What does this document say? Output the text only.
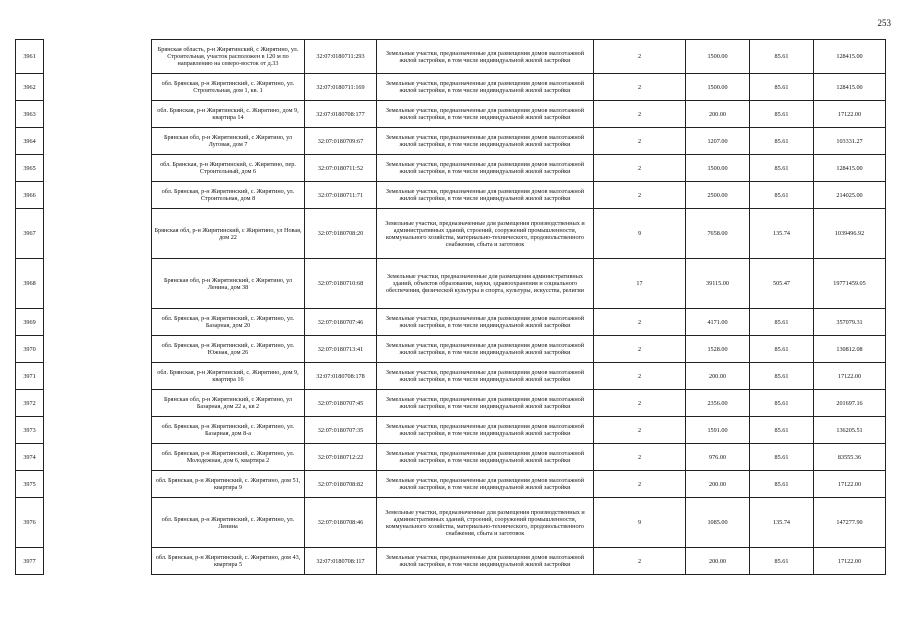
253
3961		Брянская область, р-н Жирятинский, с Жирятино, ул. Строительная, участок расположен в 120 м по направлению на северо-восток от д.33	32:07:0180711:293	Земельные участки, предназначенные для размещения домов малоэтажной жилой застройки, в том числе индивидуальной жилой застройки	2	1500.00	85.61	128415.00
3962		обл. Брянская, р-н Жирятинский, с. Жирятино, ул. Строительная, дом 1, кв. 1	32:07:0180711:169	Земельные участки, предназначенные для размещения домов малоэтажной жилой застройки, в том числе индивидуальной жилой застройки	2	1500.00	85.61	128415.00
3963		обл. Брянская, р-н Жирятинский, с. Жирятино, дом 9, квартира 14	32:07:0180708:177	Земельные участки, предназначенные для размещения домов малоэтажной жилой застройки, в том числе индивидуальной жилой застройки	2	200.00	85.61	17122.00
3964		Брянская обл, р-н Жирятинский, с Жирятино, ул Луговая, дом 7	32:07:0180709:67	Земельные участки, предназначенные для размещения домов малоэтажной жилой застройки, в том числе индивидуальной жилой застройки	2	1207.00	85.61	103331.27
3965		обл. Брянская, р-н Жирятинский, с. Жирятино, пер. Строительный, дом 6	32:07:0180711:52	Земельные участки, предназначенные для размещения домов малоэтажной жилой застройки, в том числе индивидуальной жилой застройки	2	1500.00	85.61	128415.00
3966		обл. Брянская, р-н Жирятинский, с. Жирятино, ул. Строительная, дом 8	32:07:0180711:71	Земельные участки, предназначенные для размещения домов малоэтажной жилой застройки, в том числе индивидуальной жилой застройки	2	2500.00	85.61	214025.00
3967		Брянская обл, р-н Жирятинский, с Жирятино, ул Новая, дом 22	32:07:0180708:20	Земельные участки, предназначенные для размещения производственных и административных зданий, строений, сооружений промышленности, коммунального хозяйства, материально-технического, продовольственного снабжения, сбыта и заготовок	9	7658.00	135.74	1039496.92
3968		Брянская обл, р-н Жирятинский, с Жирятино, ул Ленина, дом 38	32:07:0180710:68	Земельные участки, предназначенные для размещения административных зданий, объектов образования, науки, здравоохранения и социального обеспечения, физической культуры и спорта, культуры, искусства, религии	17	39115.00	505.47	19771459.05
3969		обл. Брянская, р-н Жирятинский, с. Жирятино, ул. Базарная, дом 20	32:07:0180707:46	Земельные участки, предназначенные для размещения домов малоэтажной жилой застройки, в том числе индивидуальной жилой застройки	2	4171.00	85.61	357079.31
3970		обл. Брянская, р-н Жирятинский, с. Жирятино, ул. Южная, дом 26	32:07:0180713:41	Земельные участки, предназначенные для размещения домов малоэтажной жилой застройки, в том числе индивидуальной жилой застройки	2	1528.00	85.61	130812.08
3971		обл. Брянская, р-н Жирятинский, с. Жирятино, дом 9, квартира 16	32:07:0180708:178	Земельные участки, предназначенные для размещения домов малоэтажной жилой застройки, в том числе индивидуальной жилой застройки	2	200.00	85.61	17122.00
3972		Брянская обл, р-н Жирятинский, с Жирятино, ул Базарная, дом 22 а, кв 2	32:07:0180707:45	Земельные участки, предназначенные для размещения домов малоэтажной жилой застройки, в том числе индивидуальной жилой застройки	2	2356.00	85.61	201697.16
3973		обл. Брянская, р-н Жирятинский, с. Жирятино, ул. Базарная, дом 8-а	32:07:0180707:35	Земельные участки, предназначенные для размещения домов малоэтажной жилой застройки, в том числе индивидуальной жилой застройки	2	1591.00	85.61	136205.51
3974		обл. Брянская, р-н Жирятинский, с. Жирятино, ул. Молодежная, дом 6, квартира 2	32:07:0180712:22	Земельные участки, предназначенные для размещения домов малоэтажной жилой застройки, в том числе индивидуальной жилой застройки	2	976.00	85.61	83555.36
3975		обл. Брянская, р-н Жирятинский, с. Жирятино, дом 51, квартира 9	32:07:0180708:82	Земельные участки, предназначенные для размещения домов малоэтажной жилой застройки, в том числе индивидуальной жилой застройки	2	200.00	85.61	17122.00
3976		обл. Брянская, р-н Жирятинский, с. Жирятино, ул. Ленина	32:07:0180708:46	Земельные участки, предназначенные для размещения производственных и административных зданий, строений, сооружений промышленности, коммунального хозяйства, материально-технического, продовольственного снабжения, сбыта и заготовок	9	1085.00	135.74	147277.90
3977		обл. Брянская, р-н Жирятинский, с. Жирятино, дом 43, квартира 5	32:07:0180708:117	Земельные участки, предназначенные для размещения домов малоэтажной жилой застройки, в том числе индивидуальной жилой застройки	2	200.00	85.61	17122.00
